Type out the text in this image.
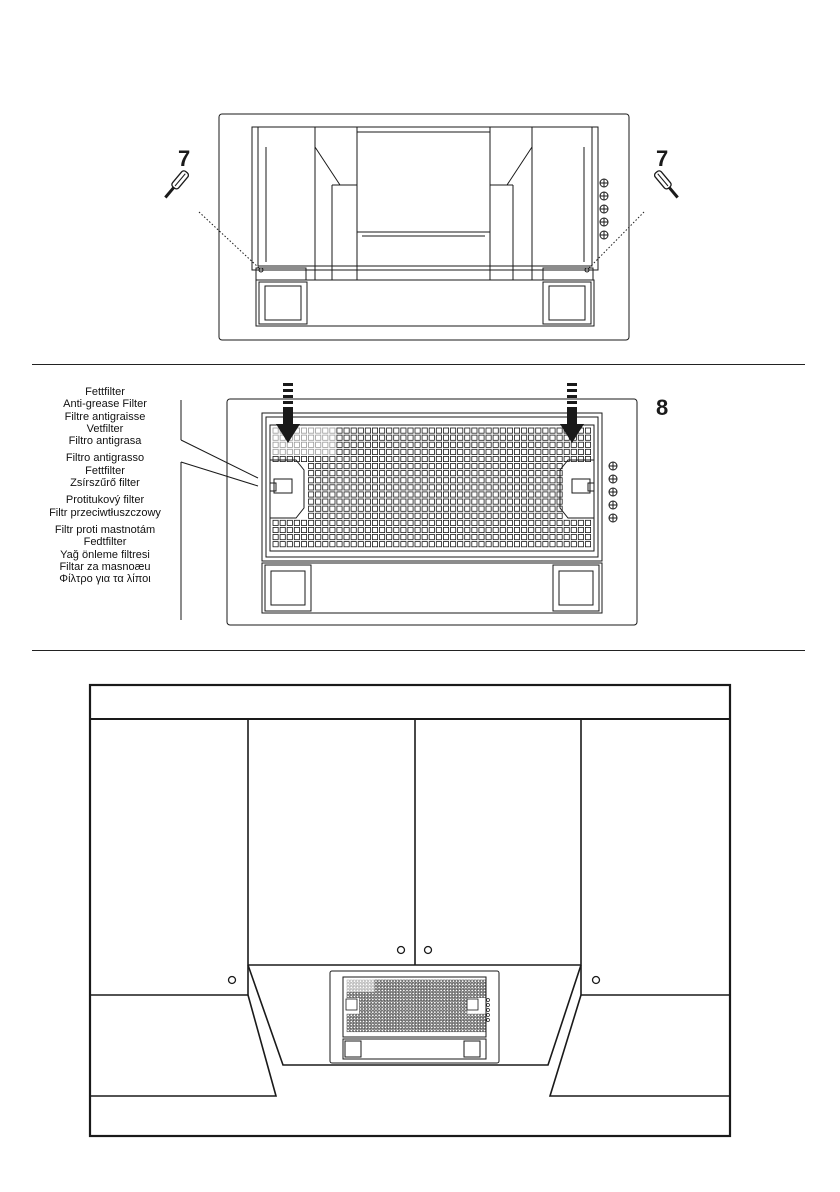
7	7
8
Fettfilter
Anti-grease Filter
Filtre antigraisse
Vetfilter
Filtro antigrasa
Filtro antigrasso
Fettfilter
Zsírszűrő filter
Protitukový filter
Filtr przeciwtłuszczowy
Filtr proti mastnotám
Fedtfilter
Yağ önleme filtresi
Filtar za masnoæu
Φίλτρο για τα λίποι
